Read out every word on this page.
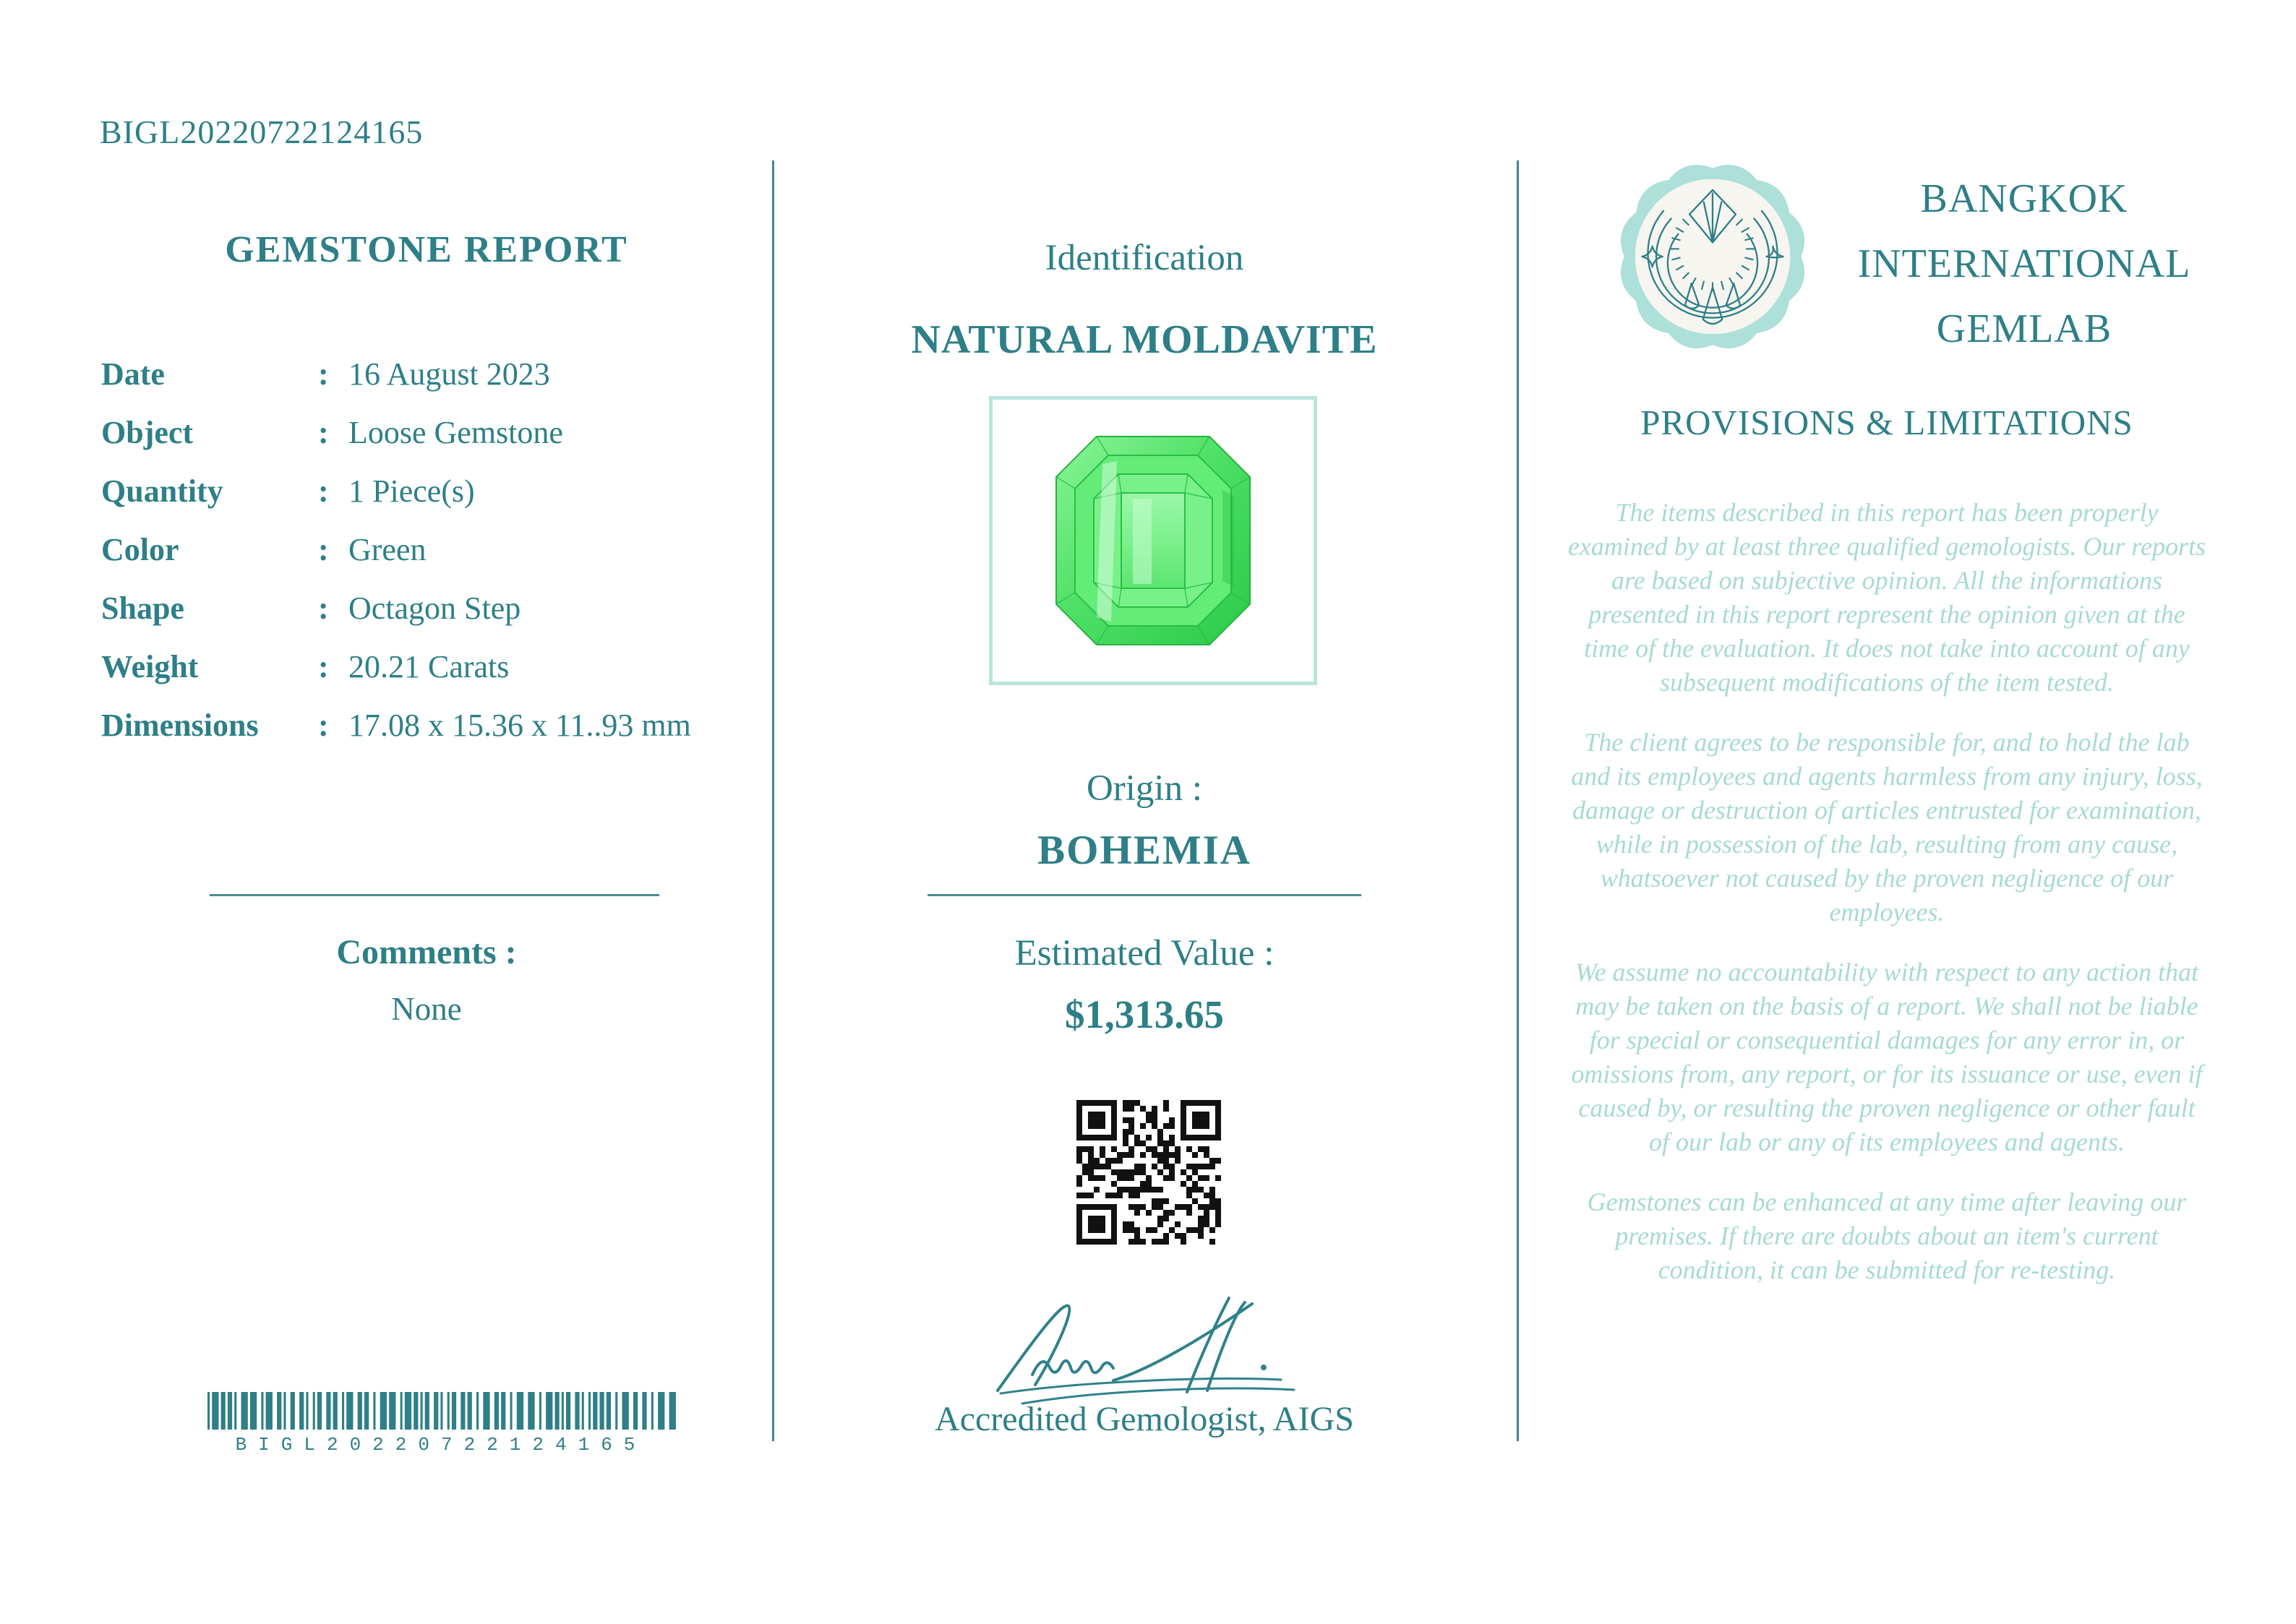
BIGL20220722124165
GEMSTONE REPORT
Date	: 16 August 2023
Object	: Loose Gemstone
Quantity	: 1 Piece(s)
Color	: Green
Shape	: Octagon Step
Weight	: 20.21 Carats
Dimensions	: 17.08 x 15.36 x 11..93 mm
Comments :
None
BIGL20220722124165
Identification
NATURAL MOLDAVITE
Origin :
BOHEMIA
Estimated Value :
$1,313.65
Accredited Gemologist, AIGS
BANGKOK
INTERNATIONAL
GEMLAB
PROVISIONS & LIMITATIONS

The items described in this report has been properly examined by at least three qualified gemologists. Our reports are based on subjective opinion. All the informations presented in this report represent the opinion given at the time of the evaluation. It does not take into account of any subsequent modifications of the item tested.

The client agrees to be responsible for, and to hold the lab and its employees and agents harmless from any injury, loss, damage or destruction of articles entrusted for examination, while in possession of the lab, resulting from any cause, whatsoever not caused by the proven negligence of our employees.

We assume no accountability with respect to any action that may be taken on the basis of a report. We shall not be liable for special or consequential damages for any error in, or omissions from, any report, or for its issuance or use, even if caused by, or resulting the proven negligence or other fault of our lab or any of its employees and agents.

Gemstones can be enhanced at any time after leaving our premises. If there are doubts about an item's current condition, it can be submitted for re-testing.
